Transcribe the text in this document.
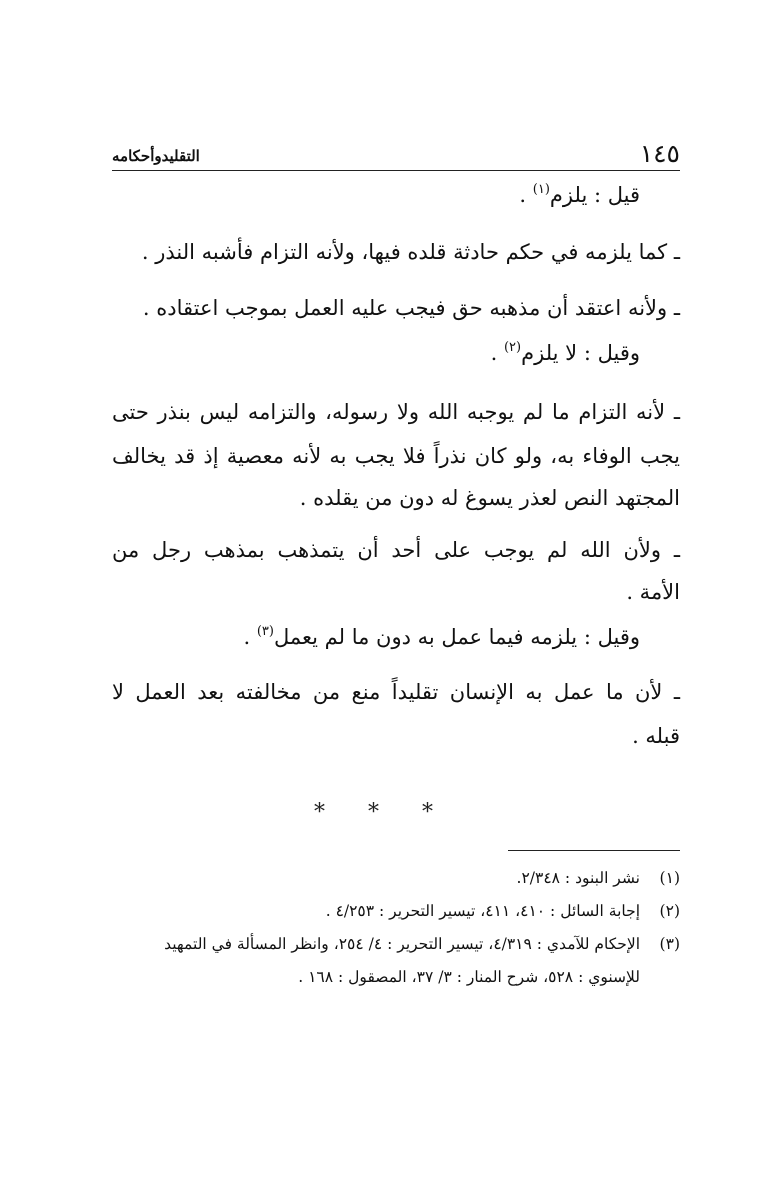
١٤٥
التقليدوأحكامه
قيل : يلزم$^{(١)}$ .
ـ كما يلزمه في حكم حادثة قلده فيها، ولأنه التزام فأشبه النذر .
ـ ولأنه اعتقد أن مذهبه حق فيجب عليه العمل بموجب اعتقاده .
وقيل : لا يلزم$^{(٢)}$ .
ـ لأنه التزام ما لم يوجبه الله ولا رسوله، والتزامه ليس بنذر حتى
يجب الوفاء به، ولو كان نذراً فلا يجب به لأنه معصية إذ قد يخالف
المجتهد النص لعذر يسوغ له دون من يقلده .
ـ ولأن الله لم يوجب على أحد أن يتمذهب بمذهب رجل من
الأمة .
وقيل : يلزمه فيما عمل به دون ما لم يعمل$^{(٣)}$ .
ـ لأن ما عمل به الإنسان تقليداً منع من مخالفته بعد العمل لا
قبله .
* * *
(١)نشر البنود : ٢/٣٤٨.
(٢)إجابة السائل : ٤١٠، ٤١١، تيسير التحرير : ٤/٢٥٣ .
(٣)الإحكام للآمدي : ٤/٣١٩، تيسير التحرير : ٤/ ٢٥٤، وانظر المسألة في التمهيد
للإسنوي : ٥٢٨، شرح المنار : ٣/ ٣٧، المصقول : ١٦٨ .
